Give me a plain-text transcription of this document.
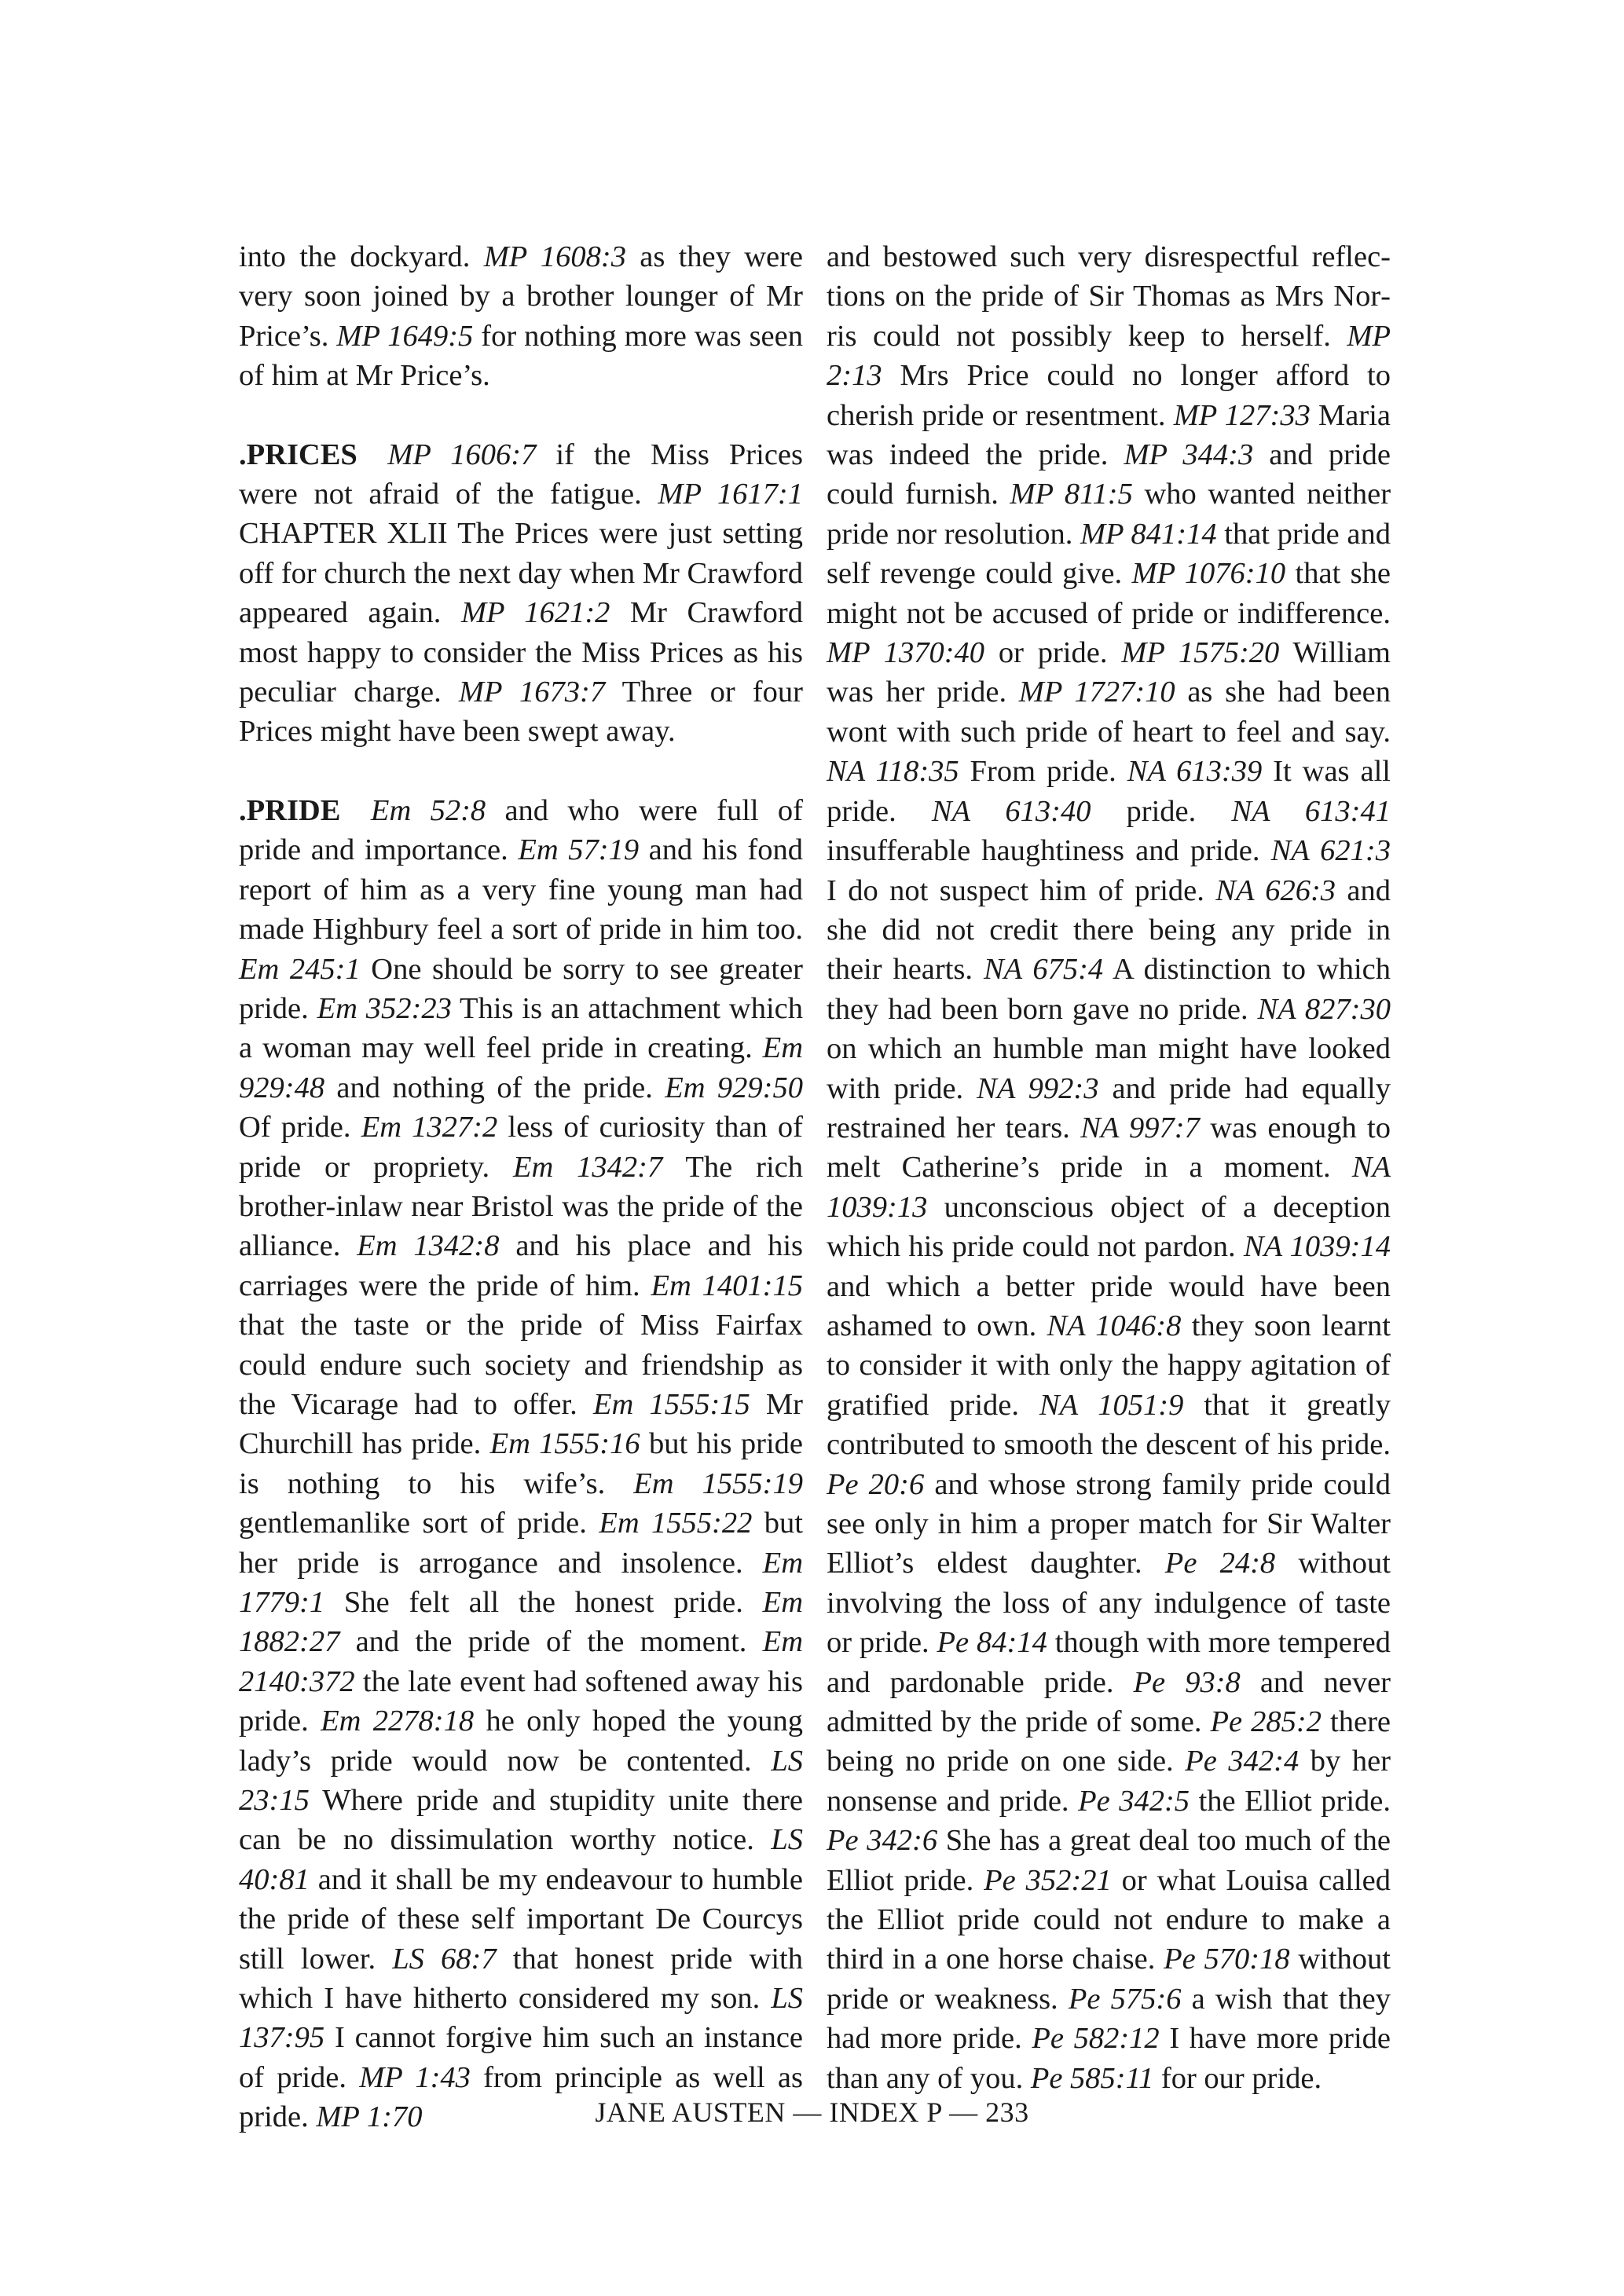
into the dockyard. MP 1608:3 as they were very soon joined by a brother lounger of Mr Price’s. MP 1649:5 for nothing more was seen of him at Mr Price’s.

.PRICES  MP 1606:7 if the Miss Prices were not afraid of the fatigue. MP 1617:1 CHAPTER XLII The Prices were just setting off for church the next day when Mr Crawford appeared again. MP 1621:2 Mr Crawford most happy to consider the Miss Prices as his peculiar charge. MP 1673:7 Three or four Prices might have been swept away.

.PRIDE  Em 52:8 and who were full of pride and importance. Em 57:19 and his fond report of him as a very fine young man had made Highbury feel a sort of pride in him too. Em 245:1 One should be sorry to see greater pride. Em 352:23 This is an attachment which a woman may well feel pride in creating. Em 929:48 and nothing of the pride. Em 929:50 Of pride. Em 1327:2 less of curiosity than of pride or propriety. Em 1342:7 The rich brother-inlaw near Bristol was the pride of the alliance. Em 1342:8 and his place and his carriages were the pride of him. Em 1401:15 that the taste or the pride of Miss Fairfax could endure such society and friendship as the Vicarage had to offer. Em 1555:15 Mr Churchill has pride. Em 1555:16 but his pride is nothing to his wife’s. Em 1555:19 gentlemanlike sort of pride. Em 1555:22 but her pride is arrogance and insolence. Em 1779:1 She felt all the honest pride. Em 1882:27 and the pride of the moment. Em 2140:372 the late event had softened away his pride. Em 2278:18 he only hoped the young lady’s pride would now be contented. LS 23:15 Where pride and stupidity unite there can be no dissimulation worthy notice. LS 40:81 and it shall be my endeavour to humble the pride of these self important De Courcys still lower. LS 68:7 that honest pride with which I have hitherto considered my son. LS 137:95 I cannot forgive him such an instance of pride. MP 1:43 from principle as well as pride. MP 1:70

and bestowed such very disrespectful reflections on the pride of Sir Thomas as Mrs Norris could not possibly keep to herself. MP 2:13 Mrs Price could no longer afford to cherish pride or resentment. MP 127:33 Maria was indeed the pride. MP 344:3 and pride could furnish. MP 811:5 who wanted neither pride nor resolution. MP 841:14 that pride and self revenge could give. MP 1076:10 that she might not be accused of pride or indifference. MP 1370:40 or pride. MP 1575:20 William was her pride. MP 1727:10 as she had been wont with such pride of heart to feel and say. NA 118:35 From pride. NA 613:39 It was all pride. NA 613:40 pride. NA 613:41 insufferable haughtiness and pride. NA 621:3 I do not suspect him of pride. NA 626:3 and she did not credit there being any pride in their hearts. NA 675:4 A distinction to which they had been born gave no pride. NA 827:30 on which an humble man might have looked with pride. NA 992:3 and pride had equally restrained her tears. NA 997:7 was enough to melt Catherine’s pride in a moment. NA 1039:13 unconscious object of a deception which his pride could not pardon. NA 1039:14 and which a better pride would have been ashamed to own. NA 1046:8 they soon learnt to consider it with only the happy agitation of gratified pride. NA 1051:9 that it greatly contributed to smooth the descent of his pride. Pe 20:6 and whose strong family pride could see only in him a proper match for Sir Walter Elliot’s eldest daughter. Pe 24:8 without involving the loss of any indulgence of taste or pride. Pe 84:14 though with more tempered and pardonable pride. Pe 93:8 and never admitted by the pride of some. Pe 285:2 there being no pride on one side. Pe 342:4 by her nonsense and pride. Pe 342:5 the Elliot pride. Pe 342:6 She has a great deal too much of the Elliot pride. Pe 352:21 or what Louisa called the Elliot pride could not endure to make a third in a one horse chaise. Pe 570:18 without pride or weakness. Pe 575:6 a wish that they had more pride. Pe 582:12 I have more pride than any of you. Pe 585:11 for our pride.

JANE AUSTEN — INDEX P — 233
